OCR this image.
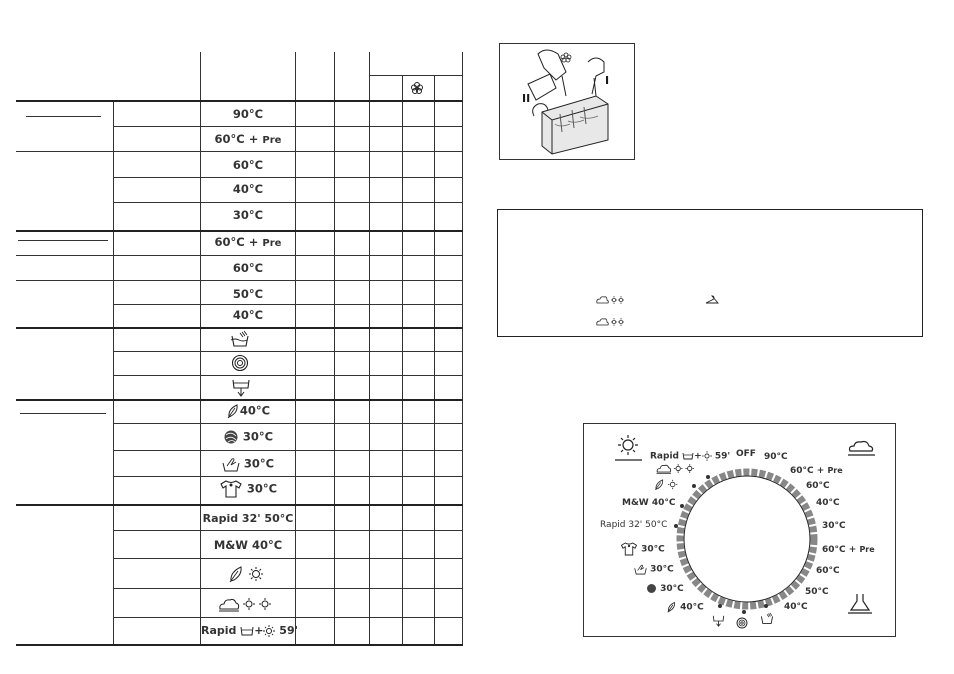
90°C
60°C + Pre
60°C
40°C
30°C
60°C + Pre
60°C
50°C
40°C
40°C
30°C
30°C
30°C
Rapid 32' 50°C
M&W 40°C
Rapid + 59'
I
II
OFF 90°C
60°C + Pre
60°C
40°C
30°C
60°C + Pre
60°C
50°C
40°C
Rapid + 59'
M&W 40°C
Rapid 32' 50°C
30°C
30°C
30°C
40°C
